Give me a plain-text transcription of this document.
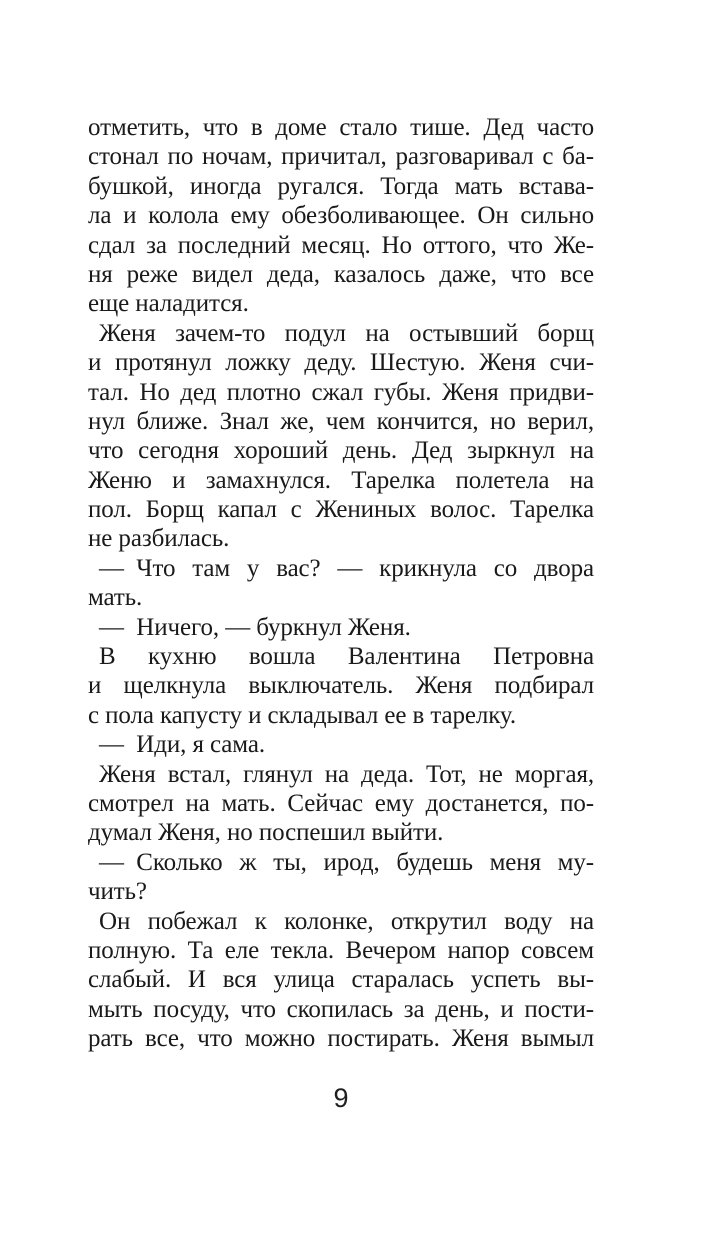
отметить, что в доме стало тише. Дед часто
стонал по ночам, причитал, разговаривал с ба-
бушкой, иногда ругался. Тогда мать встава-
ла и колола ему обезболивающее. Он сильно
сдал за последний месяц. Но оттого, что Же-
ня реже видел деда, казалось даже, что все
еще наладится.
Женя зачем-то подул на остывший борщ
и протянул ложку деду. Шестую. Женя счи-
тал. Но дед плотно сжал губы. Женя придви-
нул ближе. Знал же, чем кончится, но верил,
что сегодня хороший день. Дед зыркнул на
Женю и замахнулся. Тарелка полетела на
пол. Борщ капал с Жениных волос. Тарелка
не разбилась.
— Что там у вас? — крикнула со двора
мать.
— Ничего, — буркнул Женя.
В кухню вошла Валентина Петровна
и щелкнула выключатель. Женя подбирал
с пола капусту и складывал ее в тарелку.
— Иди, я сама.
Женя встал, глянул на деда. Тот, не моргая,
смотрел на мать. Сейчас ему достанется, по-
думал Женя, но поспешил выйти.
— Сколько ж ты, ирод, будешь меня му-
чить?
Он побежал к колонке, открутил воду на
полную. Та еле текла. Вечером напор совсем
слабый. И вся улица старалась успеть вы-
мыть посуду, что скопилась за день, и пости-
рать все, что можно постирать. Женя вымыл
9
